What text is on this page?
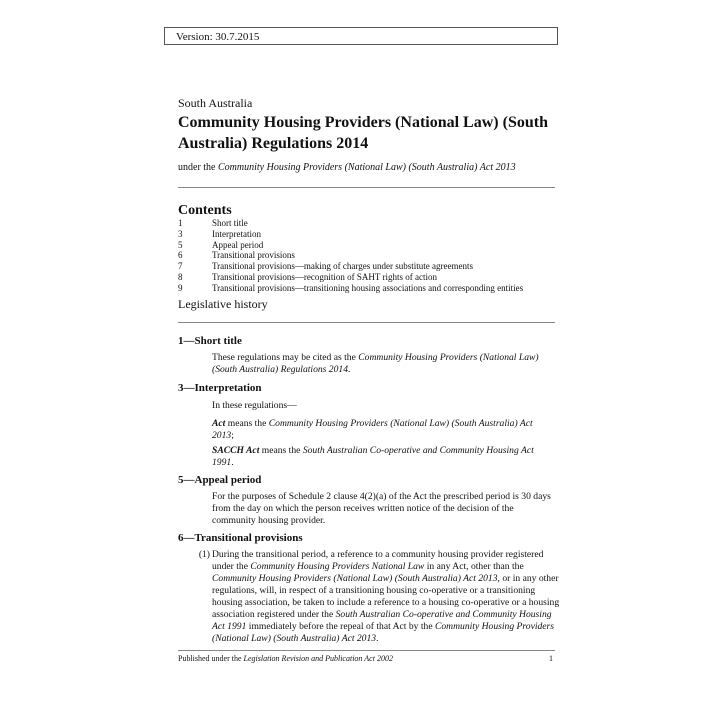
Version: 30.7.2015
South Australia
Community Housing Providers (National Law) (South Australia) Regulations 2014
under the Community Housing Providers (National Law) (South Australia) Act 2013
Contents
1	Short title
3	Interpretation
5	Appeal period
6	Transitional provisions
7	Transitional provisions—making of charges under substitute agreements
8	Transitional provisions—recognition of SAHT rights of action
9	Transitional provisions—transitioning housing associations and corresponding entities
Legislative history
1—Short title
These regulations may be cited as the Community Housing Providers (National Law) (South Australia) Regulations 2014.
3—Interpretation
In these regulations—
Act means the Community Housing Providers (National Law) (South Australia) Act 2013;
SACCH Act means the South Australian Co-operative and Community Housing Act 1991.
5—Appeal period
For the purposes of Schedule 2 clause 4(2)(a) of the Act the prescribed period is 30 days from the day on which the person receives written notice of the decision of the community housing provider.
6—Transitional provisions
(1) During the transitional period, a reference to a community housing provider registered under the Community Housing Providers National Law in any Act, other than the Community Housing Providers (National Law) (South Australia) Act 2013, or in any other regulations, will, in respect of a transitioning housing co-operative or a transitioning housing association, be taken to include a reference to a housing co-operative or a housing association registered under the South Australian Co-operative and Community Housing Act 1991 immediately before the repeal of that Act by the Community Housing Providers (National Law) (South Australia) Act 2013.
Published under the Legislation Revision and Publication Act 2002	1
